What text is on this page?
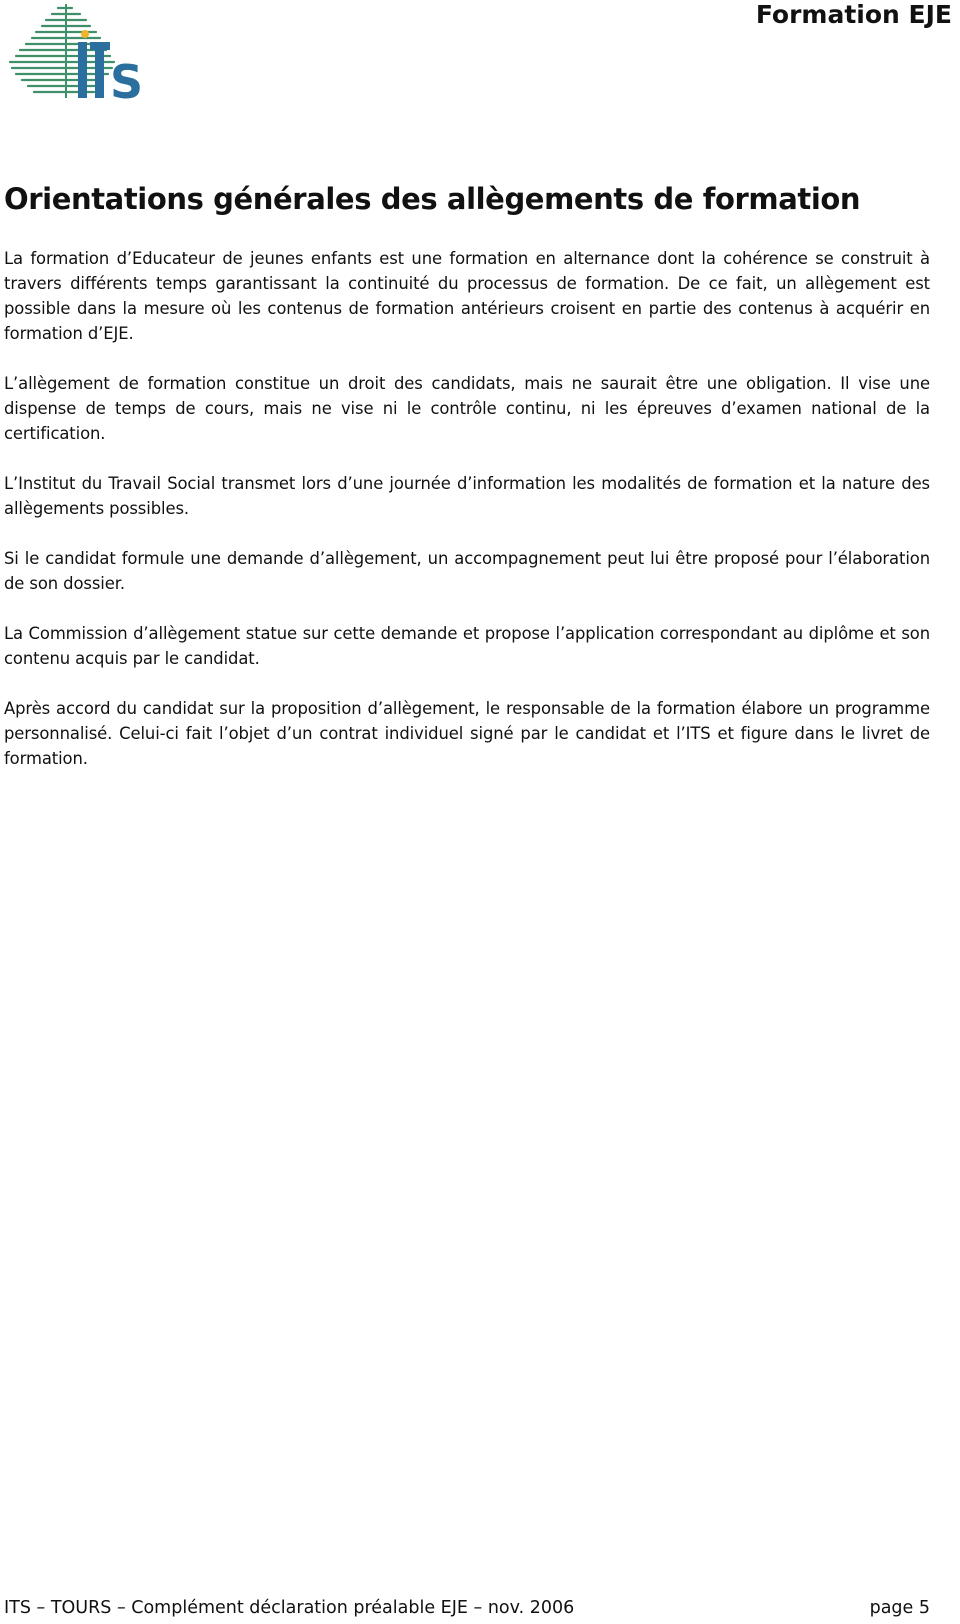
S
Formation EJE
Orientations générales des allègements de formation

La formation d’Educateur de jeunes enfants est une formation en alternance dont la cohérence se construit à travers différents temps garantissant la continuité du processus de formation. De ce fait, un allègement est possible dans la mesure où les contenus de formation antérieurs croisent en partie des contenus à acquérir en formation d’EJE.

L’allègement de formation constitue un droit des candidats, mais ne saurait être une obligation. Il vise une dispense de temps de cours, mais ne vise ni le contrôle continu, ni les épreuves d’examen national de la certification.

L’Institut du Travail Social transmet lors d’une journée d’information les modalités de formation et la nature des allègements possibles.

Si le candidat formule une demande d’allègement, un accompagnement peut lui être proposé pour l’élaboration de son dossier.

La Commission d’allègement statue sur cette demande et propose l’application correspondant au diplôme et son contenu acquis par le candidat.

Après accord du candidat sur la proposition d’allègement, le responsable de la formation élabore un programme personnalisé. Celui-ci fait l’objet d’un contrat individuel signé par le candidat et l’ITS et figure dans le livret de formation.

ITS – TOURS – Complément déclaration préalable EJE – nov. 2006	page 5
